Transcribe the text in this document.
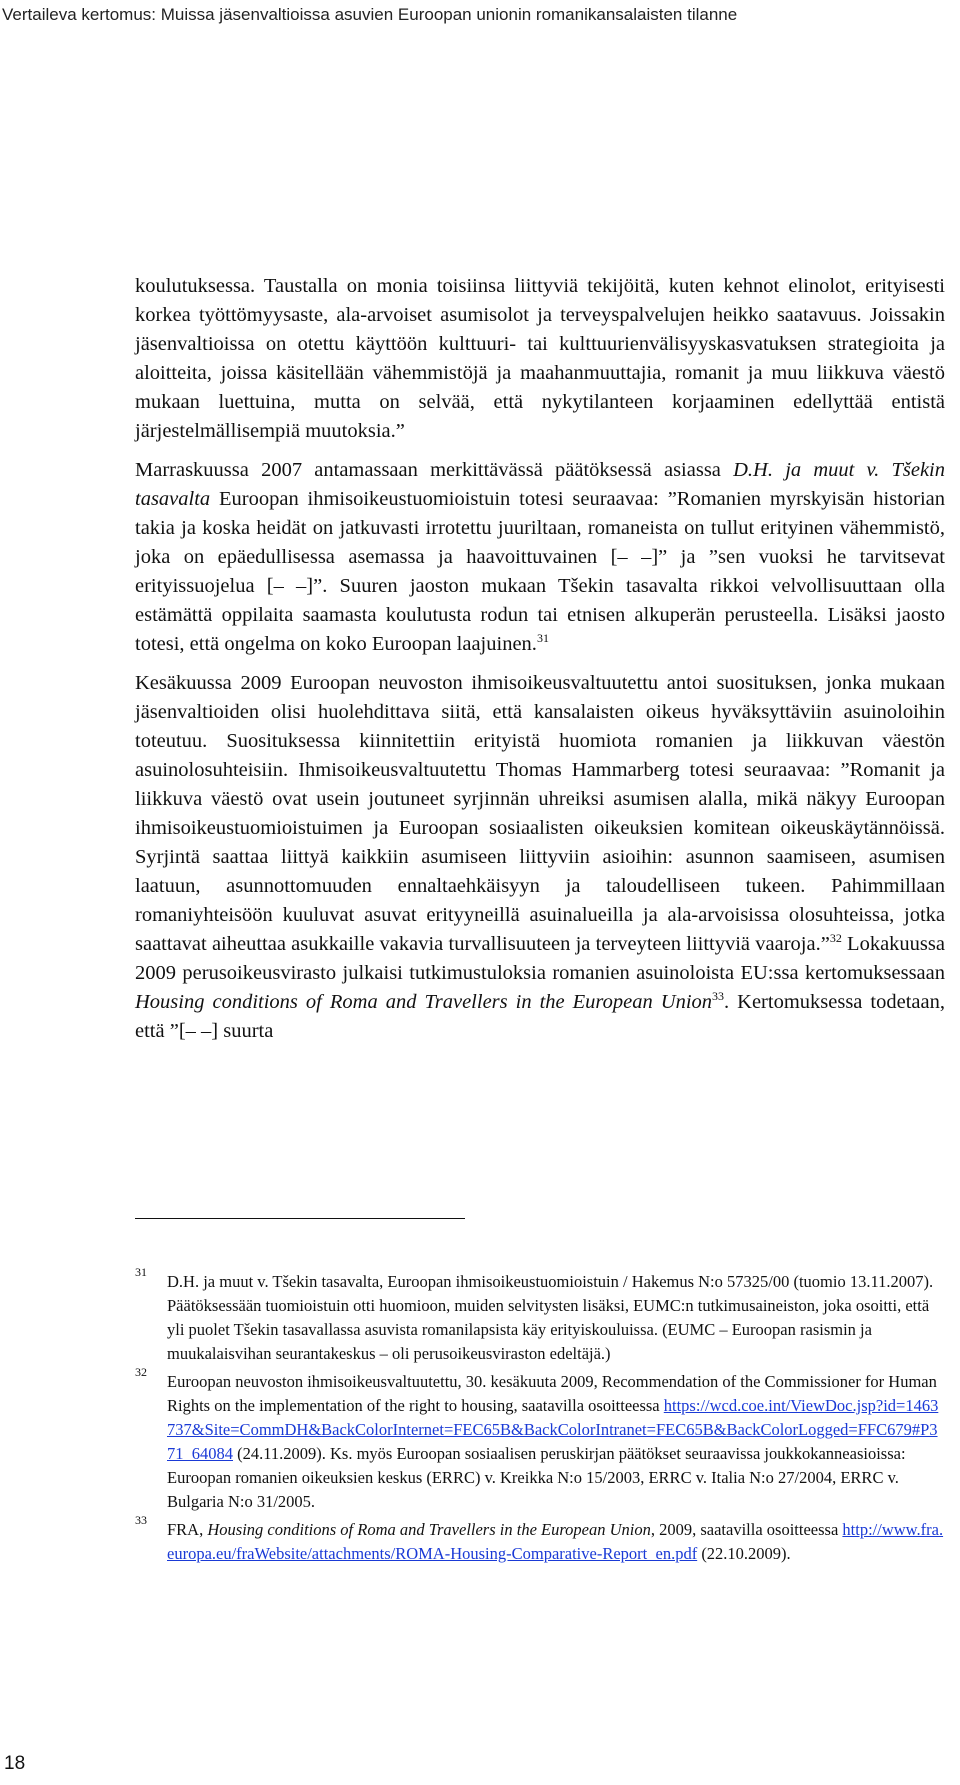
Vertaileva kertomus: Muissa jäsenvaltioissa asuvien Euroopan unionin romanikansalaisten tilanne

koulutuksessa. Taustalla on monia toisiinsa liittyviä tekijöitä, kuten kehnot elinolot, erityisesti korkea työttömyysaste, ala-arvoiset asumisolot ja terveyspalvelujen heikko saatavuus. Joissakin jäsenvaltioissa on otettu käyttöön kulttuuri- tai kulttuurienvälisyyskasvatuksen strategioita ja aloitteita, joissa käsitellään vähemmistöjä ja maahanmuuttajia, romanit ja muu liikkuva väestö mukaan luettuina, mutta on selvää, että nykytilanteen korjaaminen edellyttää entistä järjestelmällisempiä muutoksia.”

Marraskuussa 2007 antamassaan merkittävässä päätöksessä asiassa D.H. ja muut v. Tšekin tasavalta Euroopan ihmisoikeustuomioistuin totesi seuraavaa: ”Romanien myrskyisän historian takia ja koska heidät on jatkuvasti irrotettu juuriltaan, romaneista on tullut erityinen vähemmistö, joka on epäedullisessa asemassa ja haavoittuvainen [– –]” ja ”sen vuoksi he tarvitsevat erityissuojelua [– –]”. Suuren jaoston mukaan Tšekin tasavalta rikkoi velvollisuuttaan olla estämättä oppilaita saamasta koulutusta rodun tai etnisen alkuperän perusteella. Lisäksi jaosto totesi, että ongelma on koko Euroopan laajuinen.$^{31}$

Kesäkuussa 2009 Euroopan neuvoston ihmisoikeusvaltuutettu antoi suosituksen, jonka mukaan jäsenvaltioiden olisi huolehdittava siitä, että kansalaisten oikeus hyväksyttäviin asuinoloihin toteutuu. Suosituksessa kiinnitettiin erityistä huomiota romanien ja liikkuvan väestön asuinolosuhteisiin. Ihmisoikeusvaltuutettu Thomas Hammarberg totesi seuraavaa: ”Romanit ja liikkuva väestö ovat usein joutuneet syrjinnän uhreiksi asumisen alalla, mikä näkyy Euroopan ihmisoikeustuomioistuimen ja Euroopan sosiaalisten oikeuksien komitean oikeuskäytännöissä. Syrjintä saattaa liittyä kaikkiin asumiseen liittyviin asioihin: asunnon saamiseen, asumisen laatuun, asunnottomuuden ennaltaehkäisyyn ja taloudelliseen tukeen. Pahimmillaan romaniyhteisöön kuuluvat asuvat erityyneillä asuinalueilla ja ala-arvoisissa olosuhteissa, jotka saattavat aiheuttaa asukkaille vakavia turvallisuuteen ja terveyteen liittyviä vaaroja.”$^{32}$ Lokakuussa 2009 perusoikeusvirasto julkaisi tutkimustuloksia romanien asuinoloista EU:ssa kertomuksessaan Housing conditions of Roma and Travellers in the European Union$^{33}$. Kertomuksessa todetaan, että ”[– –] suurta

31 D.H. ja muut v. Tšekin tasavalta, Euroopan ihmisoikeustuomioistuin / Hakemus N:o 57325/00 (tuomio 13.11.2007). Päätöksessään tuomioistuin otti huomioon, muiden selvitysten lisäksi, EUMC:n tutkimusaineiston, joka osoitti, että yli puolet Tšekin tasavallassa asuvista romanilapsista käy erityiskouluissa. (EUMC – Euroopan rasismin ja muukalaisvihan seurantakeskus – oli perusoikeusviraston edeltäjä.)
32 Euroopan neuvoston ihmisoikeusvaltuutettu, 30. kesäkuuta 2009, Recommendation of the Commissioner for Human Rights on the implementation of the right to housing, saatavilla osoitteessa https://wcd.coe.int/ViewDoc.jsp?id=1463737&Site=CommDH&BackColorInternet=FEC65B&BackColorIntranet=FEC65B&BackColorLogged=FFC679#P371_64084 (24.11.2009). Ks. myös Euroopan sosiaalisen peruskirjan päätökset seuraavissa joukkokanneasioissa: Euroopan romanien oikeuksien keskus (ERRC) v. Kreikka N:o 15/2003, ERRC v. Italia N:o 27/2004, ERRC v. Bulgaria N:o 31/2005.
33 FRA, Housing conditions of Roma and Travellers in the European Union, 2009, saatavilla osoitteessa http://www.fra.europa.eu/fraWebsite/attachments/ROMA-Housing-Comparative-Report_en.pdf (22.10.2009).
18
